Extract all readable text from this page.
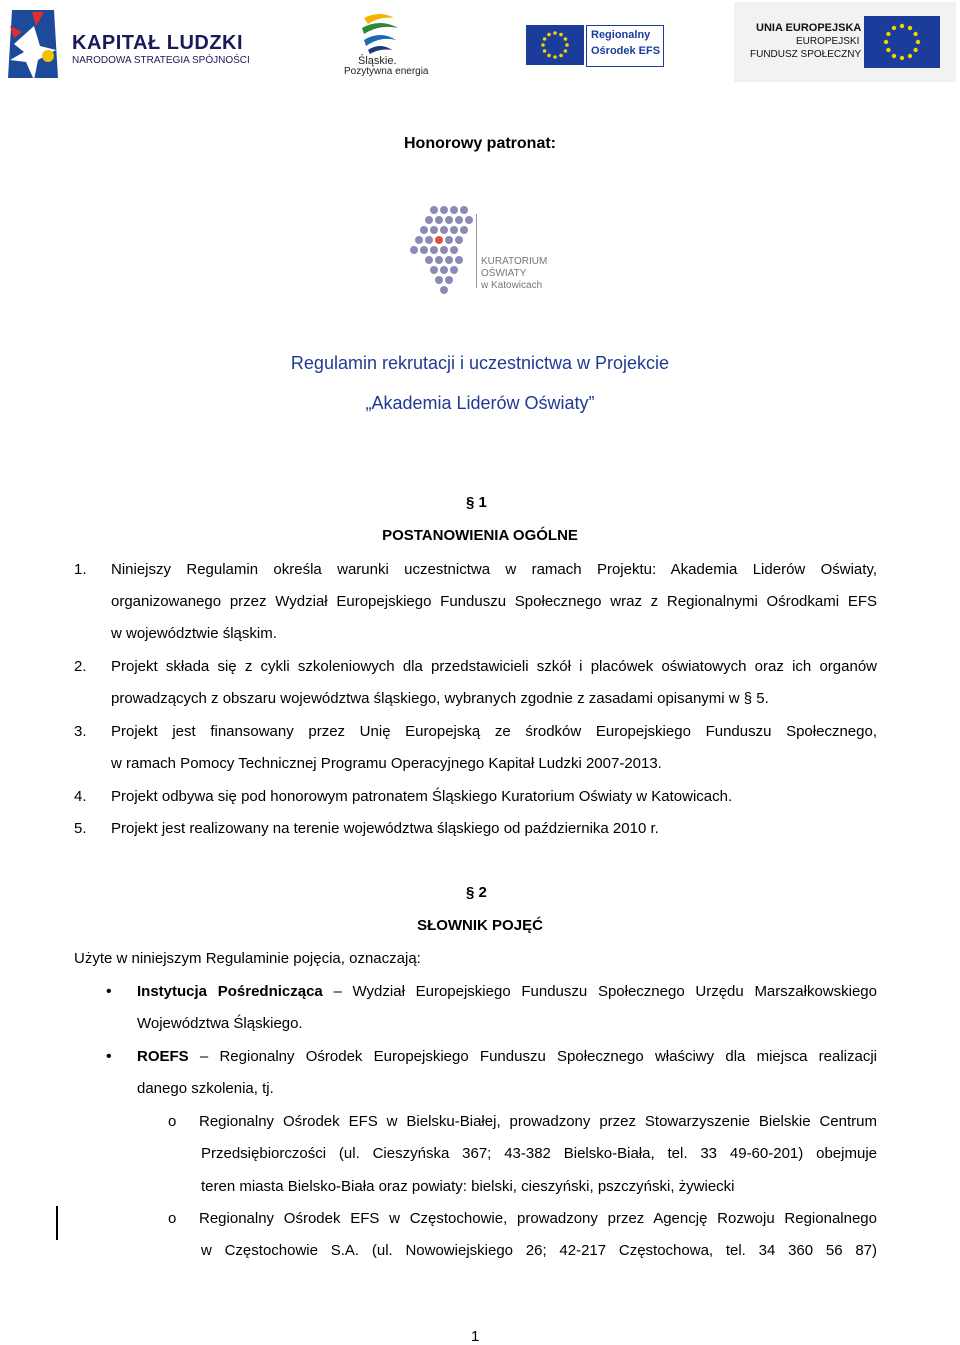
KAPITAŁ LUDZKI
NARODOWA STRATEGIA SPÓJNOŚCI	Śląskie.
Pozytywna energia
Regionalny
Ośrodek EFS
UNIA EUROPEJSKA
EUROPEJSKI
FUNDUSZ SPOŁECZNY
Honorowy patronat:
KURATORIUM
OŚWIATY
w Katowicach
Regulamin rekrutacji i uczestnictwa w Projekcie
„Akademia Liderów Oświaty”
§ 1
POSTANOWIENIA OGÓLNE
1.	Niniejszy Regulamin określa warunki uczestnictwa w ramach Projektu: Akademia Liderów Oświaty,
organizowanego przez Wydział Europejskiego Funduszu Społecznego wraz z Regionalnymi Ośrodkami EFS
w województwie śląskim.
2.	Projekt składa się z cykli szkoleniowych dla przedstawicieli szkół i placówek oświatowych oraz ich organów
prowadzących z obszaru województwa śląskiego, wybranych zgodnie z zasadami opisanymi w § 5.
3.	Projekt jest finansowany przez Unię Europejską ze środków Europejskiego Funduszu Społecznego,
w ramach Pomocy Technicznej Programu Operacyjnego Kapitał Ludzki 2007-2013.
4.	Projekt odbywa się pod honorowym patronatem Śląskiego Kuratorium Oświaty w Katowicach.
5.	Projekt jest realizowany na terenie województwa śląskiego od października 2010 r.
§ 2
SŁOWNIK POJĘĆ
Użyte w niniejszym Regulaminie pojęcia, oznaczają:
• Instytucja Pośrednicząca – Wydział Europejskiego Funduszu Społecznego Urzędu Marszałkowskiego
Województwa Śląskiego.
• ROEFS – Regionalny Ośrodek Europejskiego Funduszu Społecznego właściwy dla miejsca realizacji
danego szkolenia, tj.
o Regionalny Ośrodek EFS w Bielsku-Białej, prowadzony przez Stowarzyszenie Bielskie Centrum
Przedsiębiorczości (ul. Cieszyńska 367; 43-382 Bielsko-Biała, tel. 33 49-60-201) obejmuje
teren miasta Bielsko-Biała oraz powiaty: bielski, cieszyński, pszczyński, żywiecki
o Regionalny Ośrodek EFS w Częstochowie, prowadzony przez Agencję Rozwoju Regionalnego
w Częstochowie S.A. (ul. Nowowiejskiego 26; 42-217 Częstochowa, tel. 34 360 56 87)
1
